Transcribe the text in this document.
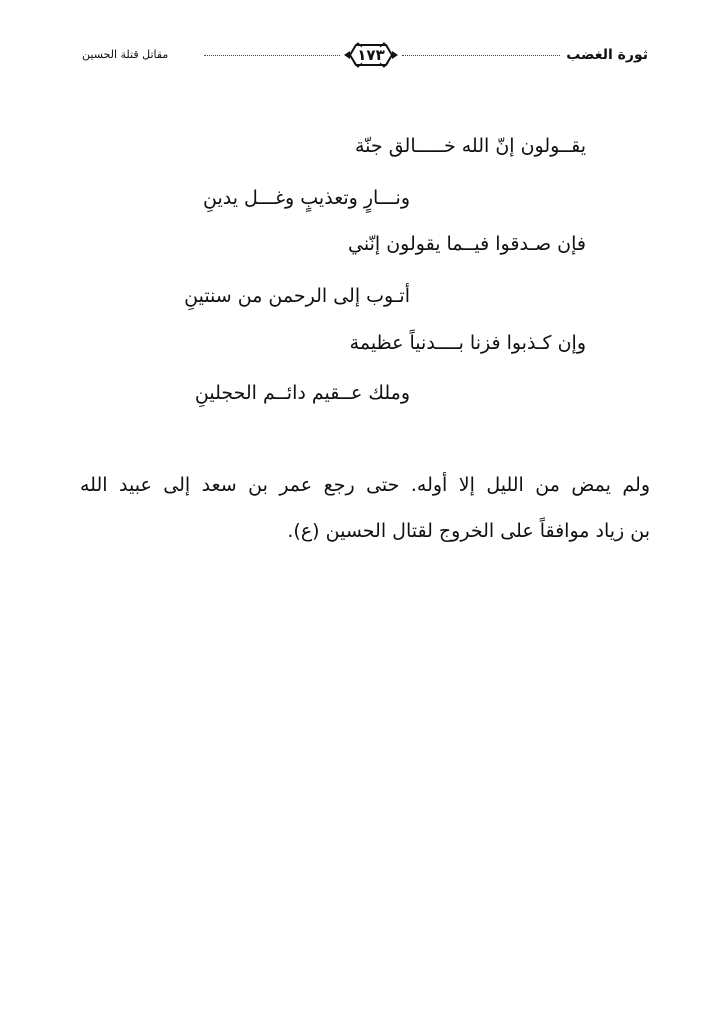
ثورة الغضب
١٧٣
مقاتل قتلة الحسين
يقــولون إنّ الله خـــــالق جنّة
ونـــارٍ وتعذيبٍ وغـــل يدينِ
فإن صـدقوا فيــما يقولون إنّني
أتـوب إلى الرحمن من سنتينِ
وإن كـذبوا فزنا بــــدنياً عظيمة
وملك عــقيم دائــم الحجلينِ
ولم يمض من الليل إلا أوله. حتى رجع عمر بن سعد إلى عبيد الله
بن زياد موافقاً على الخروج لقتال الحسين (ع).
